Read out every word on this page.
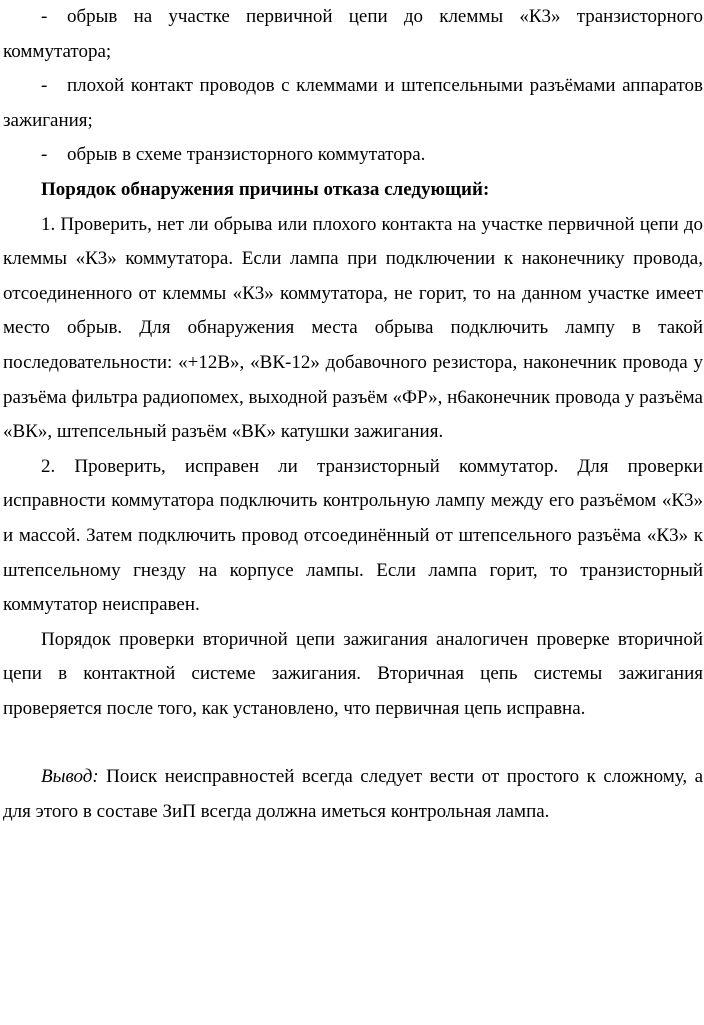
- обрыв на участке первичной цепи до клеммы «К3» транзисторного коммутатора;

- плохой контакт проводов с клеммами и штепсельными разъёмами аппаратов зажигания;

- обрыв в схеме транзисторного коммутатора.

Порядок обнаружения причины отказа следующий:

1. Проверить, нет ли обрыва или плохого контакта на участке первичной цепи до клеммы «К3» коммутатора. Если лампа при подключении к наконечнику провода, отсоединенного от клеммы «К3» коммутатора, не горит, то на данном участке имеет место обрыв. Для обнаружения места обрыва подключить лампу в такой последовательности: «+12В», «ВК-12» добавочного резистора, наконечник провода у разъёма фильтра радиопомех, выходной разъём «ФР», н6аконечник провода у разъёма «ВК», штепсельный разъём «ВК» катушки зажигания.

2. Проверить, исправен ли транзисторный коммутатор. Для проверки исправности коммутатора подключить контрольную лампу между его разъёмом «К3» и массой. Затем подключить провод отсоединённый от штепсельного разъёма «К3» к штепсельному гнезду на корпусе лампы. Если лампа горит, то транзисторный коммутатор неисправен.

Порядок проверки вторичной цепи зажигания аналогичен проверке вторичной цепи в контактной системе зажигания. Вторичная цепь системы зажигания проверяется после того, как установлено, что первичная цепь исправна.

Вывод: Поиск неисправностей всегда следует вести от простого к сложному, а для этого в составе ЗиП всегда должна иметься контрольная лампа.
